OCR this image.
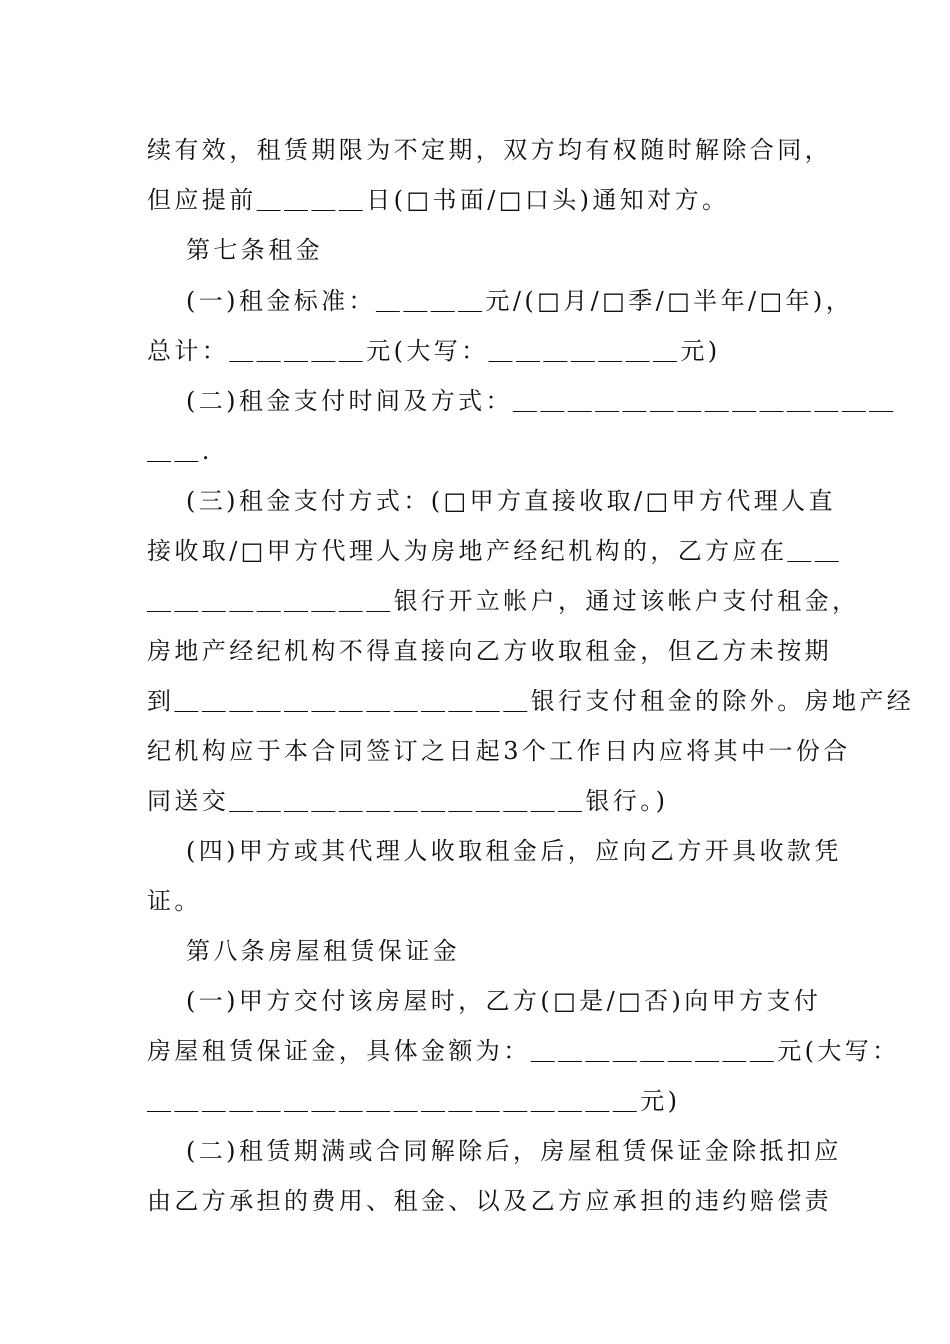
续有效，租赁期限为不定期，双方均有权随时解除合同，
但应提前＿＿＿＿日(□书面/□口头)通知对方。
第七条租金
(一)租金标准：＿＿＿＿元/(□月/□季/□半年/□年)，
总计：＿＿＿＿＿元(大写：＿＿＿＿＿＿＿元)
(二)租金支付时间及方式：＿＿＿＿＿＿＿＿＿＿＿＿＿＿
＿＿.
(三)租金支付方式：(□甲方直接收取/□甲方代理人直
接收取/□甲方代理人为房地产经纪机构的，乙方应在＿＿
＿＿＿＿＿＿＿＿＿银行开立帐户，通过该帐户支付租金，
房地产经纪机构不得直接向乙方收取租金，但乙方未按期
到＿＿＿＿＿＿＿＿＿＿＿＿＿银行支付租金的除外。房地产经
纪机构应于本合同签订之日起3个工作日内应将其中一份合
同送交＿＿＿＿＿＿＿＿＿＿＿＿＿银行。)
(四)甲方或其代理人收取租金后，应向乙方开具收款凭
证。
第八条房屋租赁保证金
(一)甲方交付该房屋时，乙方(□是/□否)向甲方支付
房屋租赁保证金，具体金额为：＿＿＿＿＿＿＿＿＿元(大写：
＿＿＿＿＿＿＿＿＿＿＿＿＿＿＿＿＿＿元)
(二)租赁期满或合同解除后，房屋租赁保证金除抵扣应
由乙方承担的费用、租金、以及乙方应承担的违约赔偿责
